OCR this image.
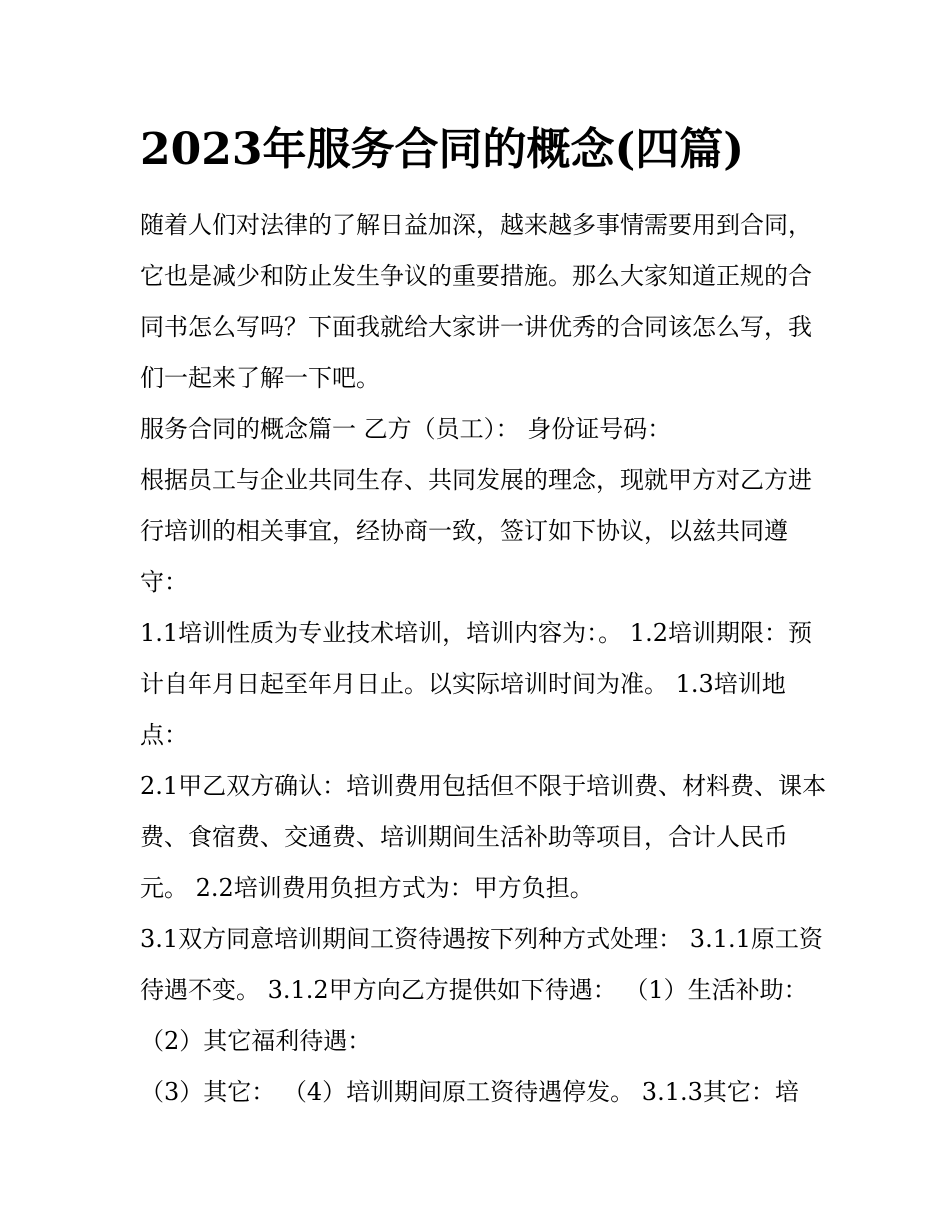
2023年服务合同的概念(四篇)

随着人们对法律的了解日益加深，越来越多事情需要用到合同，它也是减少和防止发生争议的重要措施。那么大家知道正规的合同书怎么写吗？下面我就给大家讲一讲优秀的合同该怎么写，我们一起来了解一下吧。

服务合同的概念篇一 乙方（员工）： 身份证号码：

根据员工与企业共同生存、共同发展的理念，现就甲方对乙方进行培训的相关事宜，经协商一致，签订如下协议，以兹共同遵守：

1.1培训性质为专业技术培训，培训内容为：。 1.2培训期限：预计自年月日起至年月日止。以实际培训时间为准。 1.3培训地点：

2.1甲乙双方确认：培训费用包括但不限于培训费、材料费、课本费、食宿费、交通费、培训期间生活补助等项目，合计人民币元。 2.2培训费用负担方式为：甲方负担。

3.1双方同意培训期间工资待遇按下列种方式处理： 3.1.1原工资待遇不变。 3.1.2甲方向乙方提供如下待遇： （1）生活补助： （2）其它福利待遇：

（3）其它： （4）培训期间原工资待遇停发。 3.1.3其它：培
